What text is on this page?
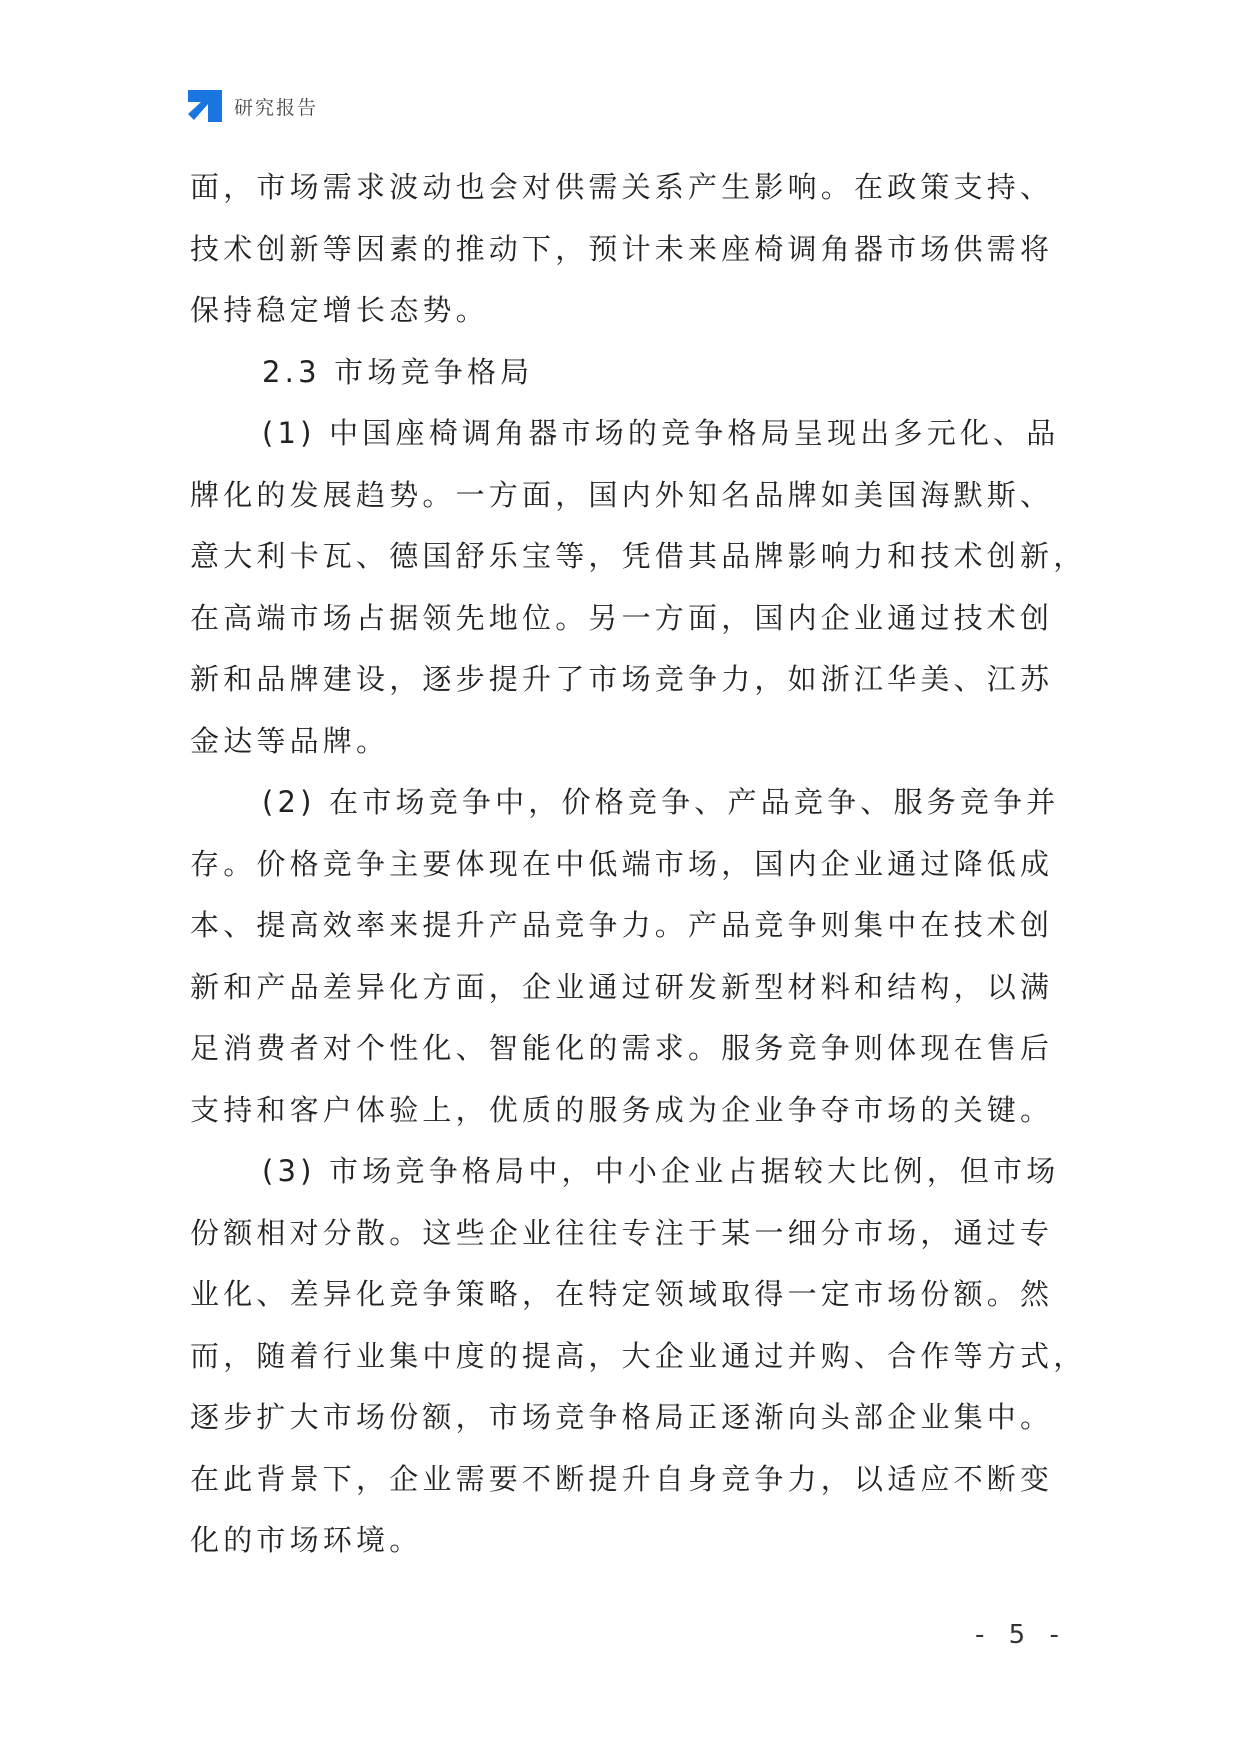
研究报告
面，市场需求波动也会对供需关系产生影响。在政策支持、
技术创新等因素的推动下，预计未来座椅调角器市场供需将
保持稳定增长态势。
2.3 市场竞争格局
(1) 中国座椅调角器市场的竞争格局呈现出多元化、品
牌化的发展趋势。一方面，国内外知名品牌如美国海默斯、
意大利卡瓦、德国舒乐宝等，凭借其品牌影响力和技术创新，
在高端市场占据领先地位。另一方面，国内企业通过技术创
新和品牌建设，逐步提升了市场竞争力，如浙江华美、江苏
金达等品牌。
(2) 在市场竞争中，价格竞争、产品竞争、服务竞争并
存。价格竞争主要体现在中低端市场，国内企业通过降低成
本、提高效率来提升产品竞争力。产品竞争则集中在技术创
新和产品差异化方面，企业通过研发新型材料和结构，以满
足消费者对个性化、智能化的需求。服务竞争则体现在售后
支持和客户体验上，优质的服务成为企业争夺市场的关键。
(3) 市场竞争格局中，中小企业占据较大比例，但市场
份额相对分散。这些企业往往专注于某一细分市场，通过专
业化、差异化竞争策略，在特定领域取得一定市场份额。然
而，随着行业集中度的提高，大企业通过并购、合作等方式，
逐步扩大市场份额，市场竞争格局正逐渐向头部企业集中。
在此背景下，企业需要不断提升自身竞争力，以适应不断变
化的市场环境。
- 5 -
